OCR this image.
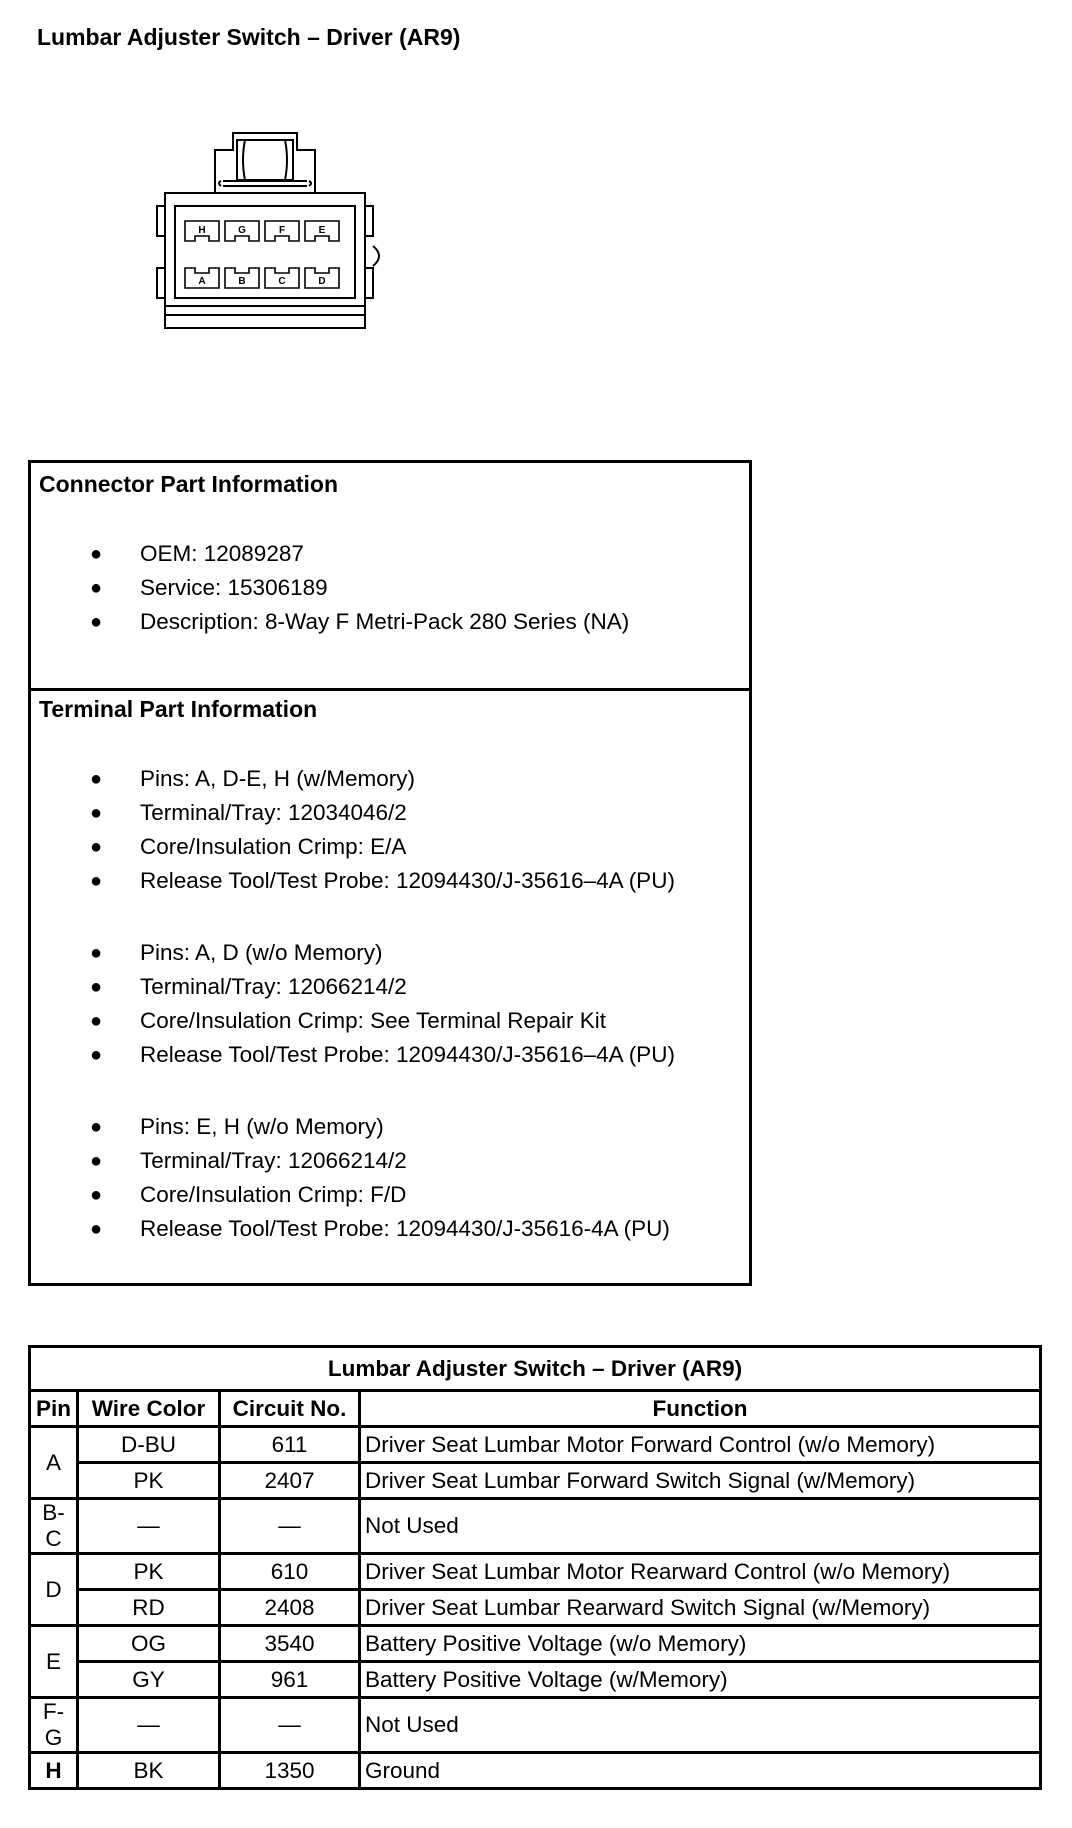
Lumbar Adjuster Switch – Driver (AR9)
H	G	F	E
A	B	C	D
Connector Part Information
● OEM: 12089287
● Service: 15306189
● Description: 8-Way F Metri-Pack 280 Series (NA)
Terminal Part Information
● Pins: A, D-E, H (w/Memory)
● Terminal/Tray: 12034046/2
● Core/Insulation Crimp: E/A
● Release Tool/Test Probe: 12094430/J-35616–4A (PU)
● Pins: A, D (w/o Memory)
● Terminal/Tray: 12066214/2
● Core/Insulation Crimp: See Terminal Repair Kit
● Release Tool/Test Probe: 12094430/J-35616–4A (PU)
● Pins: E, H (w/o Memory)
● Terminal/Tray: 12066214/2
● Core/Insulation Crimp: F/D
● Release Tool/Test Probe: 12094430/J-35616-4A (PU)
Lumbar Adjuster Switch – Driver (AR9)			
Pin	Wire Color	Circuit No.	Function
A	D-BU	611	Driver Seat Lumbar Motor Forward Control (w/o Memory)
	PK	2407	Driver Seat Lumbar Forward Switch Signal (w/Memory)
B-C	—	—	Not Used
D	PK	610	Driver Seat Lumbar Motor Rearward Control (w/o Memory)
	RD	2408	Driver Seat Lumbar Rearward Switch Signal (w/Memory)
E	OG	3540	Battery Positive Voltage (w/o Memory)
	GY	961	Battery Positive Voltage (w/Memory)
F-G	—	—	Not Used
H	BK	1350	Ground
